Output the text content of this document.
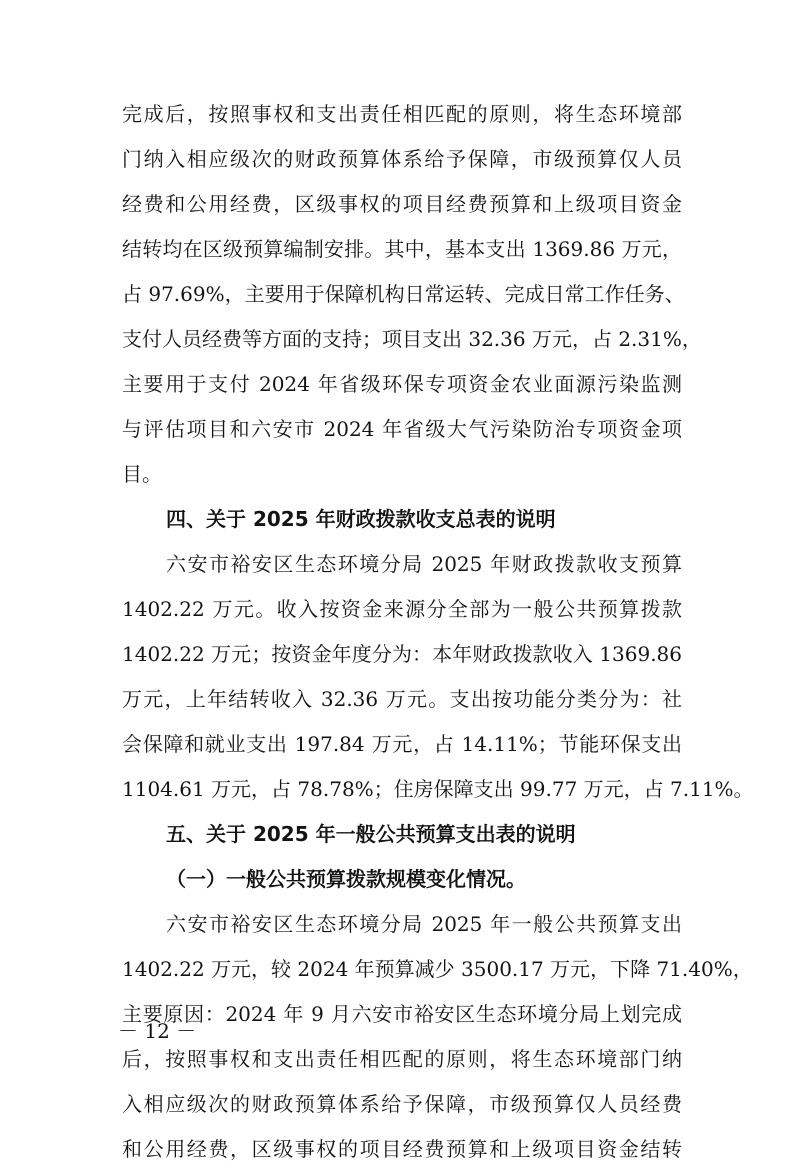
完成后，按照事权和支出责任相匹配的原则，将生态环境部
门纳入相应级次的财政预算体系给予保障，市级预算仅人员
经费和公用经费，区级事权的项目经费预算和上级项目资金
结转均在区级预算编制安排。其中，基本支出 1369.86 万元，
占 97.69%，主要用于保障机构日常运转、完成日常工作任务、
支付人员经费等方面的支持；项目支出 32.36 万元，占 2.31%，
主要用于支付 2024 年省级环保专项资金农业面源污染监测
与评估项目和六安市 2024 年省级大气污染防治专项资金项
目。
四、关于 2025 年财政拨款收支总表的说明
六安市裕安区生态环境分局 2025 年财政拨款收支预算
1402.22 万元。收入按资金来源分全部为一般公共预算拨款
1402.22 万元；按资金年度分为：本年财政拨款收入 1369.86
万元，上年结转收入 32.36 万元。支出按功能分类分为：社
会保障和就业支出 197.84 万元，占 14.11%；节能环保支出
1104.61 万元，占 78.78%；住房保障支出 99.77 万元，占 7.11%。
五、关于 2025 年一般公共预算支出表的说明
（一）一般公共预算拨款规模变化情况。
六安市裕安区生态环境分局 2025 年一般公共预算支出
1402.22 万元，较 2024 年预算减少 3500.17 万元，下降 71.40%，
主要原因：2024 年 9 月六安市裕安区生态环境分局上划完成
后，按照事权和支出责任相匹配的原则，将生态环境部门纳
入相应级次的财政预算体系给予保障，市级预算仅人员经费
和公用经费，区级事权的项目经费预算和上级项目资金结转
－ 12 －
